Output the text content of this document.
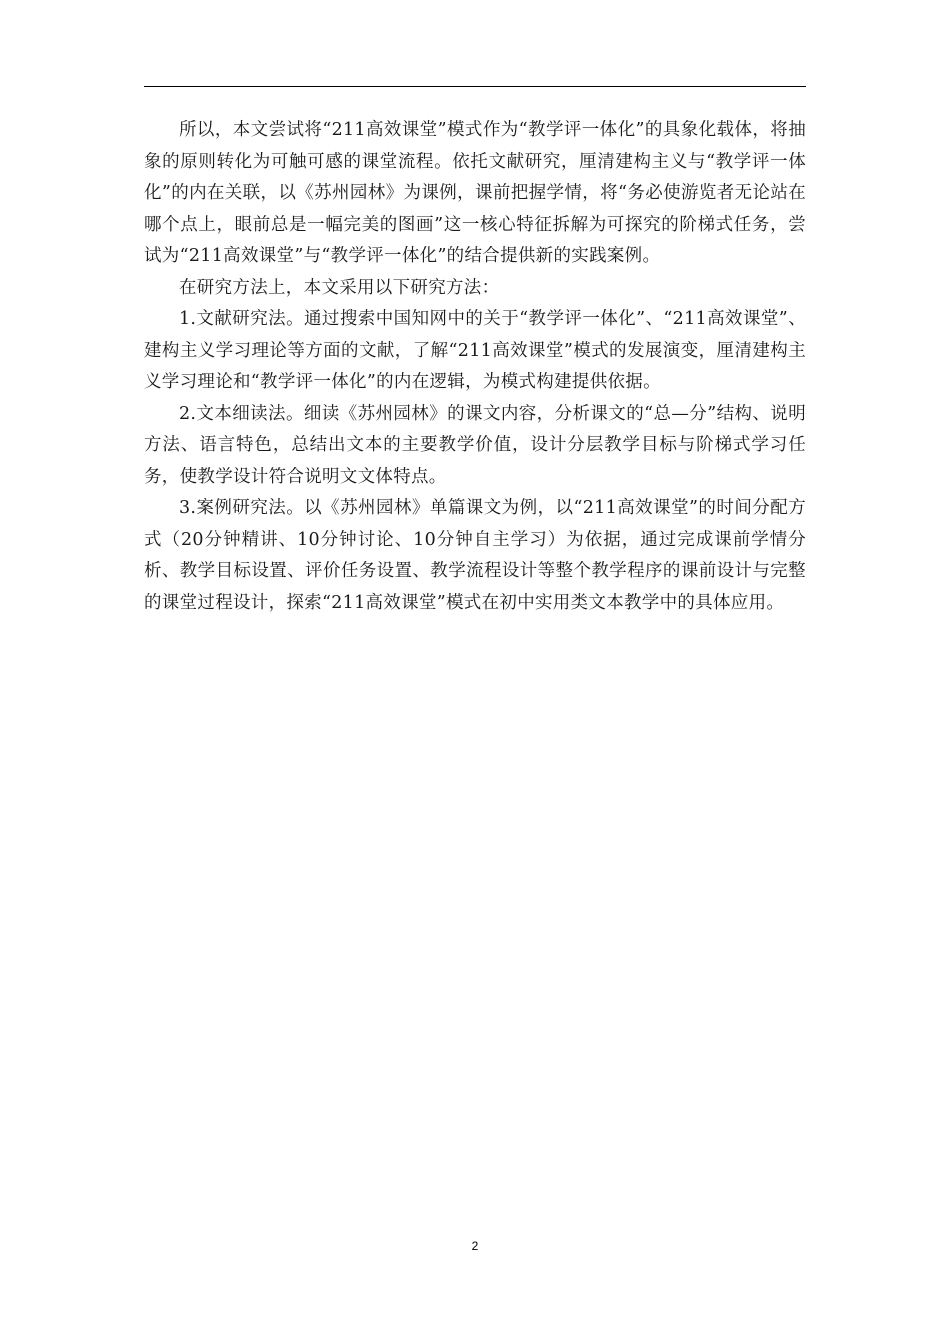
所以，本文尝试将“211高效课堂”模式作为“教学评一体化”的具象化载体，将抽象的原则转化为可触可感的课堂流程。依托文献研究，厘清建构主义与“教学评一体化”的内在关联，以《苏州园林》为课例，课前把握学情，将“务必使游览者无论站在哪个点上，眼前总是一幅完美的图画”这一核心特征拆解为可探究的阶梯式任务，尝试为“211高效课堂”与“教学评一体化”的结合提供新的实践案例。

在研究方法上，本文采用以下研究方法：

1.文献研究法。通过搜索中国知网中的关于“教学评一体化”、“211高效课堂”、建构主义学习理论等方面的文献，了解“211高效课堂”模式的发展演变，厘清建构主义学习理论和“教学评一体化”的内在逻辑，为模式构建提供依据。

2.文本细读法。细读《苏州园林》的课文内容，分析课文的“总—分”结构、说明方法、语言特色，总结出文本的主要教学价值，设计分层教学目标与阶梯式学习任务，使教学设计符合说明文文体特点。

3.案例研究法。以《苏州园林》单篇课文为例，以“211高效课堂”的时间分配方式（20分钟精讲、10分钟讨论、10分钟自主学习）为依据，通过完成课前学情分析、教学目标设置、评价任务设置、教学流程设计等整个教学程序的课前设计与完整的课堂过程设计，探索“211高效课堂”模式在初中实用类文本教学中的具体应用。

2
